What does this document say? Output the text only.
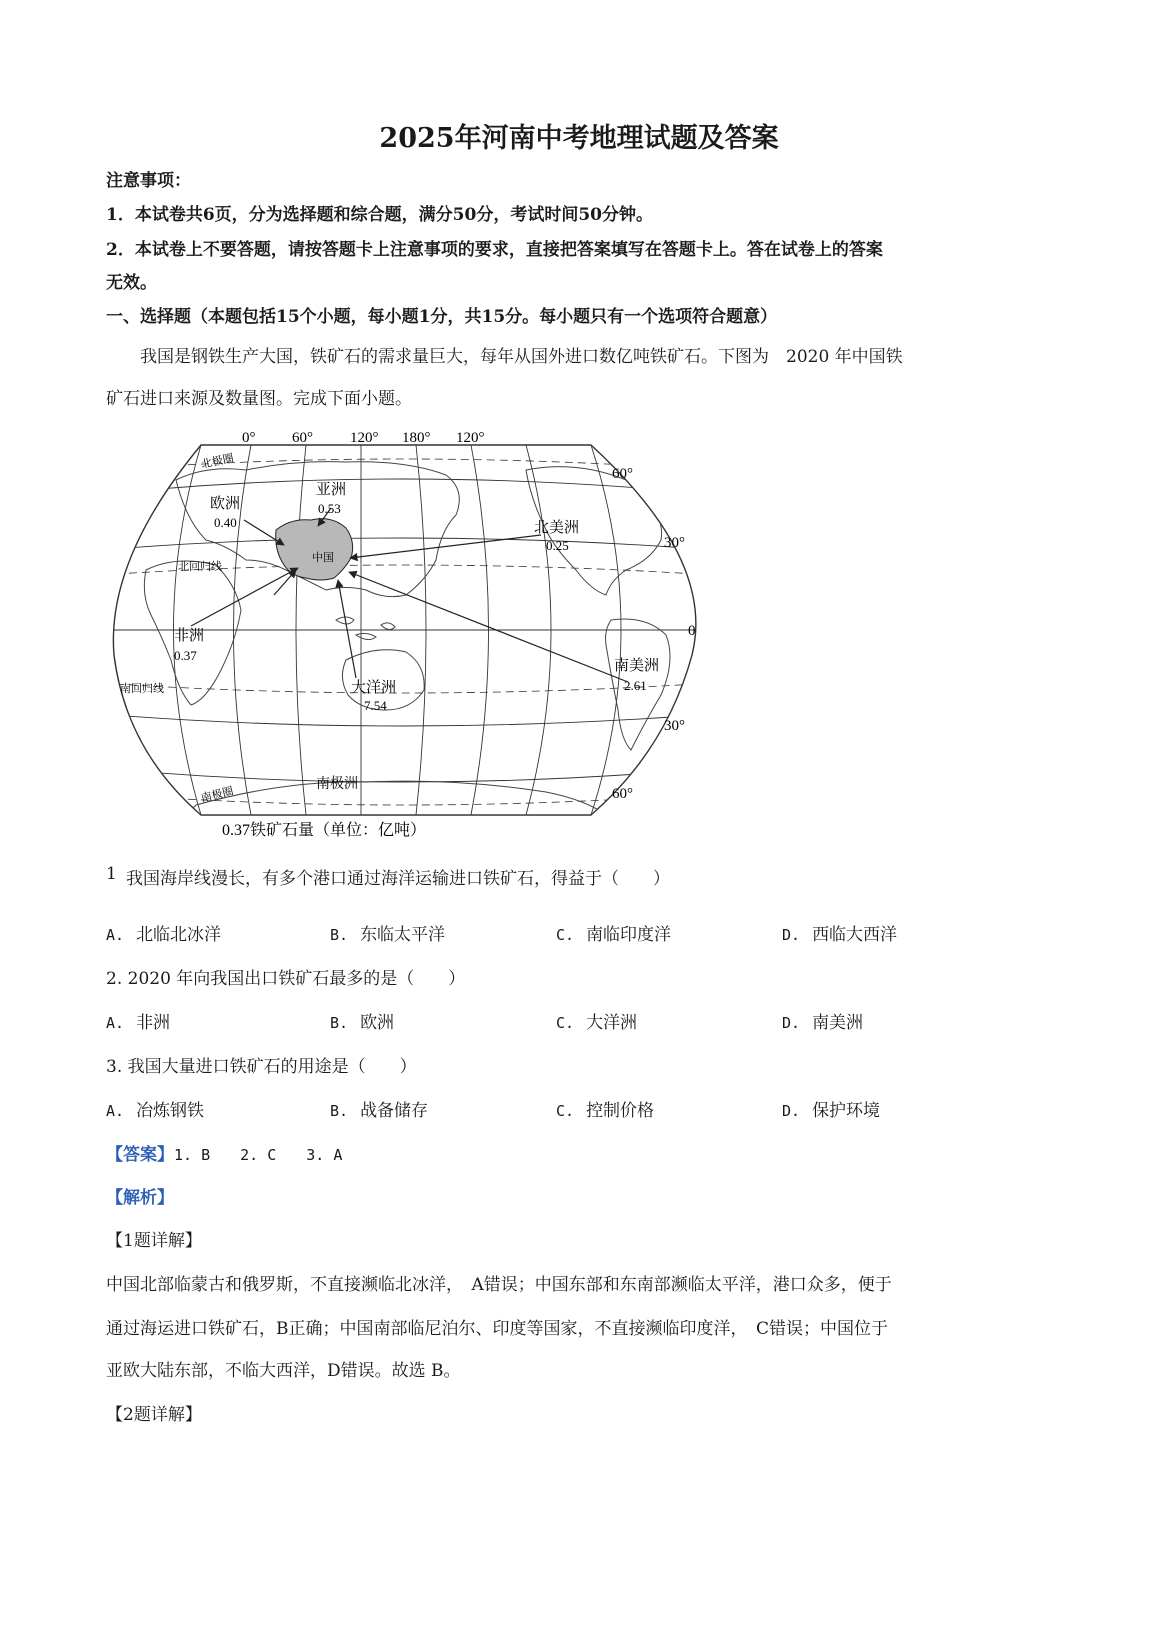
2025年河南中考地理试题及答案
注意事项：
1．本试卷共6页，分为选择题和综合题，满分50分，考试时间50分钟。
2．本试卷上不要答题，请按答题卡上注意事项的要求，直接把答案填写在答题卡上。答在试卷上的答案
无效。
一、选择题（本题包括15个小题，每小题1分，共15分。每小题只有一个选项符合题意）
我国是钢铁生产大国，铁矿石的需求量巨大，每年从国外进口数亿吨铁矿石。下图为　2020 年中国铁
矿石进口来源及数量图。完成下面小题。
0° 60° 120° 180° 120°
60°
30°
0
30°
60°
北极圈
北回归线
南回归线
南极圈
中国
南极洲
欧洲
0.40
亚洲
0.53
北美洲
0.25
非洲
0.37
大洋洲
7.54
南美洲
2.61
0.37铁矿石量（单位：亿吨）
1 我国海岸线漫长，有多个港口通过海洋运输进口铁矿石，得益于（　　）
A. 北临北冰洋	B. 东临太平洋	C. 南临印度洋	D. 西临大西洋
2. 2020 年向我国出口铁矿石最多的是（　　）
A. 非洲	B. 欧洲	C. 大洋洲	D. 南美洲
3. 我国大量进口铁矿石的用途是（　　）
A. 冶炼钢铁	B. 战备储存	C. 控制价格	D. 保护环境
【答案】1. B　　2. C　　3. A
【解析】
【1题详解】
中国北部临蒙古和俄罗斯，不直接濒临北冰洋，　A错误；中国东部和东南部濒临太平洋，港口众多，便于
通过海运进口铁矿石，B正确；中国南部临尼泊尔、印度等国家，不直接濒临印度洋，　C错误；中国位于
亚欧大陆东部，不临大西洋，D错误。故选 B。
【2题详解】
